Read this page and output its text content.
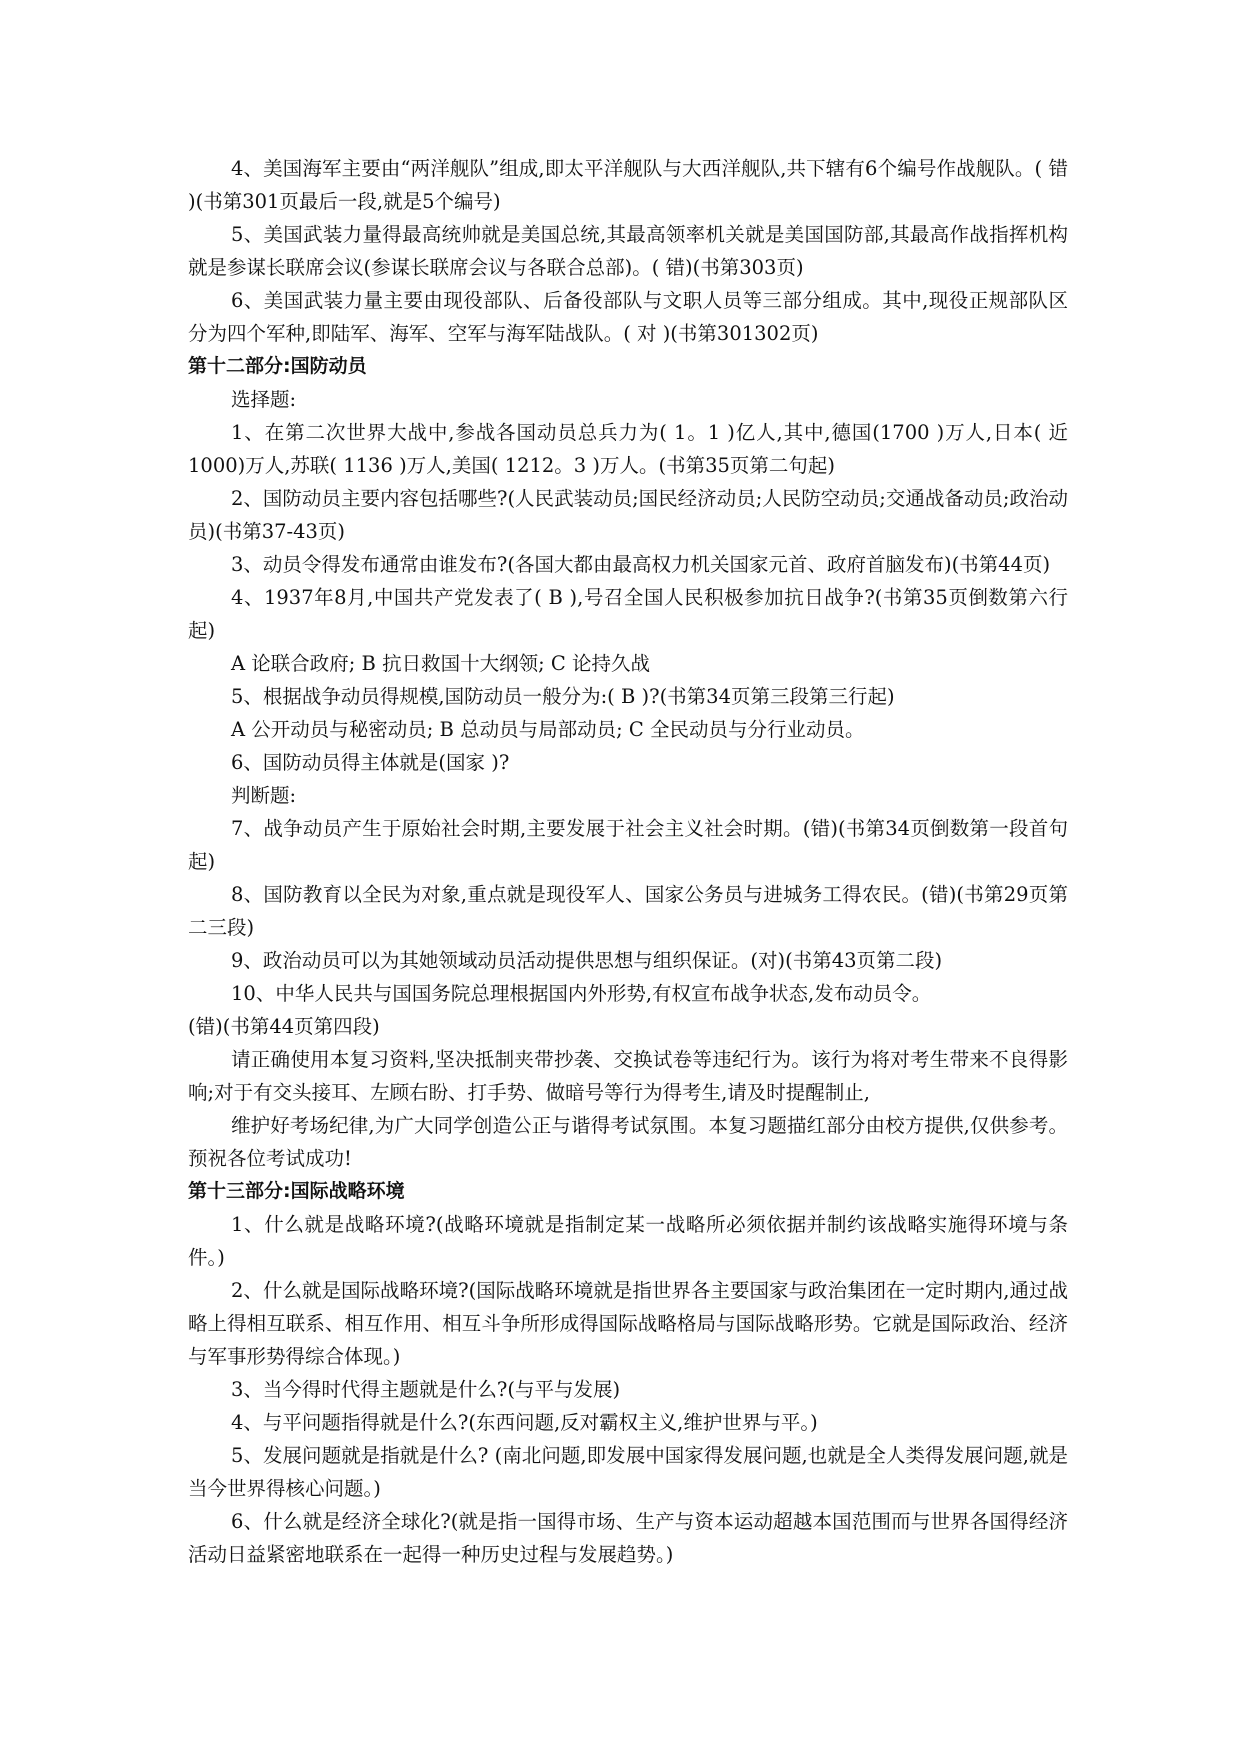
4、美国海军主要由“两洋舰队”组成,即太平洋舰队与大西洋舰队,共下辖有6个编号作战舰队。( 错 )(书第301页最后一段,就是5个编号)

5、美国武装力量得最高统帅就是美国总统,其最高领率机关就是美国国防部,其最高作战指挥机构就是参谋长联席会议(参谋长联席会议与各联合总部)。( 错)(书第303页)

6、美国武装力量主要由现役部队、后备役部队与文职人员等三部分组成。其中,现役正规部队区分为四个军种,即陆军、海军、空军与海军陆战队。( 对 )(书第301302页)

第十二部分:国防动员

选择题:

1、在第二次世界大战中,参战各国动员总兵力为( 1。1 )亿人,其中,德国(1700 )万人,日本( 近1000)万人,苏联( 1136 )万人,美国( 1212。3 )万人。(书第35页第二句起)

2、国防动员主要内容包括哪些?(人民武装动员;国民经济动员;人民防空动员;交通战备动员;政治动员)(书第37-43页)

3、动员令得发布通常由谁发布?(各国大都由最高权力机关国家元首、政府首脑发布)(书第44页)

4、1937年8月,中国共产党发表了( B ),号召全国人民积极参加抗日战争?(书第35页倒数第六行起)

A 论联合政府; B 抗日救国十大纲领; C 论持久战

5、根据战争动员得规模,国防动员一般分为:( B )?(书第34页第三段第三行起)

A 公开动员与秘密动员; B 总动员与局部动员; C 全民动员与分行业动员。

6、国防动员得主体就是(国家 )?

判断题:

7、战争动员产生于原始社会时期,主要发展于社会主义社会时期。(错)(书第34页倒数第一段首句起)

8、国防教育以全民为对象,重点就是现役军人、国家公务员与进城务工得农民。(错)(书第29页第二三段)

9、政治动员可以为其她领域动员活动提供思想与组织保证。(对)(书第43页第二段)

10、中华人民共与国国务院总理根据国内外形势,有权宣布战争状态,发布动员令。

(错)(书第44页第四段)

请正确使用本复习资料,坚决抵制夹带抄袭、交换试卷等违纪行为。该行为将对考生带来不良得影响;对于有交头接耳、左顾右盼、打手势、做暗号等行为得考生,请及时提醒制止,

维护好考场纪律,为广大同学创造公正与谐得考试氛围。本复习题描红部分由校方提供,仅供参考。预祝各位考试成功!

第十三部分:国际战略环境

1、什么就是战略环境?(战略环境就是指制定某一战略所必须依据并制约该战略实施得环境与条件。)

2、什么就是国际战略环境?(国际战略环境就是指世界各主要国家与政治集团在一定时期内,通过战略上得相互联系、相互作用、相互斗争所形成得国际战略格局与国际战略形势。它就是国际政治、经济与军事形势得综合体现。)

3、当今得时代得主题就是什么?(与平与发展)

4、与平问题指得就是什么?(东西问题,反对霸权主义,维护世界与平。)

5、发展问题就是指就是什么? (南北问题,即发展中国家得发展问题,也就是全人类得发展问题,就是当今世界得核心问题。)

6、什么就是经济全球化?(就是指一国得市场、生产与资本运动超越本国范围而与世界各国得经济活动日益紧密地联系在一起得一种历史过程与发展趋势。)
